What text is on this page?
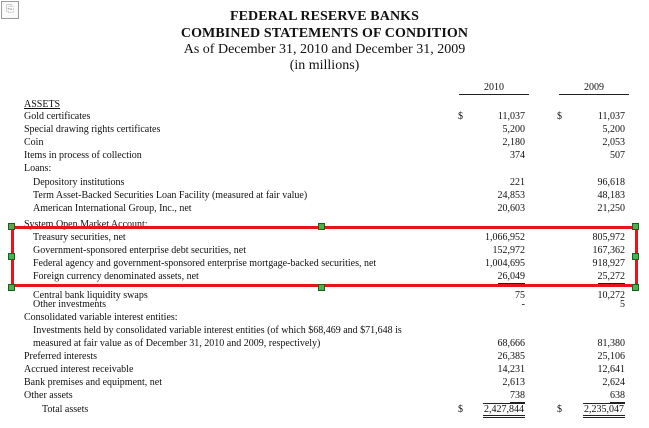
⎘	FEDERAL RESERVE BANKS
COMBINED STATEMENTS OF CONDITION
As of December 31, 2010 and December 31, 2009
(in millions)
2010	2009
ASSETS
Gold certificates	$	11,037	$	11,037
Special drawing rights certificates	5,200	5,200
Coin	2,180	2,053
Items in process of collection	374	507
Loans:
Depository institutions	221	96,618
Term Asset-Backed Securities Loan Facility (measured at fair value)	24,853	48,183
American International Group, Inc., net	20,603	21,250
System Open Market Account:
Treasury securities, net	1,066,952	805,972
Government-sponsored enterprise debt securities, net	152,972	167,362
Federal agency and government-sponsored enterprise mortgage-backed securities, net	1,004,695	918,927
Foreign currency denominated assets, net	26,049	25,272
Central bank liquidity swaps	75	10,272
Other investments	-	5
Consolidated variable interest entities:
Investments held by consolidated variable interest entities (of which $68,469 and $71,648 is
measured at fair value as of December 31, 2010 and 2009, respectively)	68,666	81,380
Preferred interests	26,385	25,106
Accrued interest receivable	14,231	12,641
Bank premises and equipment, net	2,613	2,624
Other assets	738	638
Total assets	$ 2,427,844	$ 2,235,047
